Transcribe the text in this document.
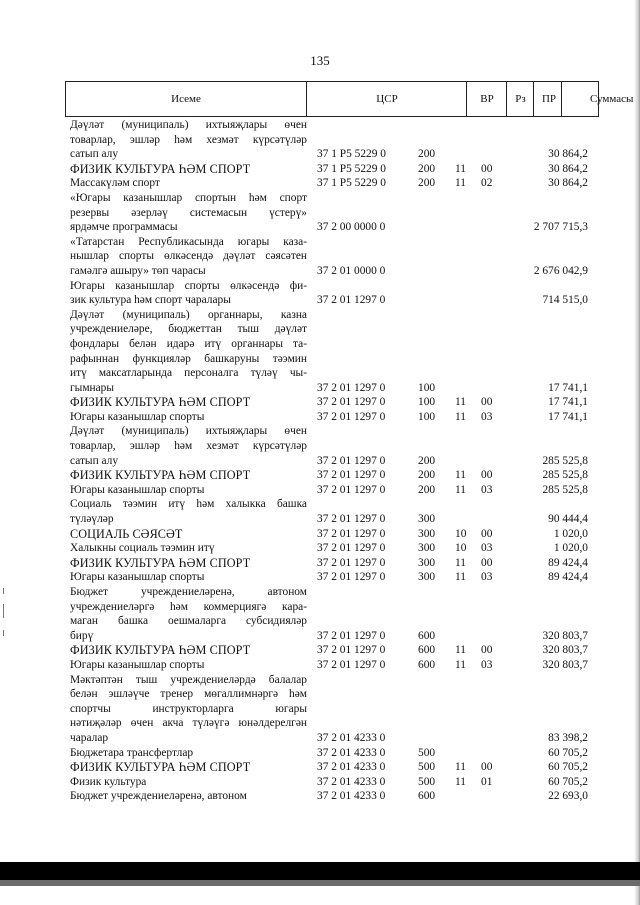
135
Исеме	ЦСР	ВР	Рз	ПР	Суммасы
Дәүләт (муниципаль) ихтыяҗлары өчен
товарлар, эшләр һәм хезмәт күрсәтүләр
сатып алу	37 1 P5 5229 0	200	30 864,2
ФИЗИК КУЛЬТУРА ҺӘМ СПОРТ	37 1 P5 5229 0	200 11 00	30 864,2
Массакүләм спорт	37 1 P5 5229 0	200 11 02	30 864,2
«Югары казанышлар спортын һәм спорт
резервы әзерләү системасын үстерү»
ярдәмче программасы	37 2 00 0000 0	2 707 715,3
«Татарстан Республикасында югары каза-
нышлар спорты өлкәсендә дәүләт сәясәтен
гамәлгә ашыру» төп чарасы	37 2 01 0000 0	2 676 042,9
Югары казанышлар спорты өлкәсендә фи-
зик культура һәм спорт чаралары	37 2 01 1297 0	714 515,0
Дәүләт (муниципаль) органнары, казна
учреждениеләре, бюджеттан тыш дәүләт
фондлары белән идарә итү органнары та-
рафыннан функцияләр башкаруны тәэмин
итү максатларында персоналга түләү чы-
гымнары	37 2 01 1297 0	100	17 741,1
ФИЗИК КУЛЬТУРА ҺӘМ СПОРТ	37 2 01 1297 0	100 11 00	17 741,1
Югары казанышлар спорты	37 2 01 1297 0	100 11 03	17 741,1
Дәүләт (муниципаль) ихтыяҗлары өчен
товарлар, эшләр һәм хезмәт күрсәтүләр
сатып алу	37 2 01 1297 0	200	285 525,8
ФИЗИК КУЛЬТУРА ҺӘМ СПОРТ	37 2 01 1297 0	200 11 00	285 525,8
Югары казанышлар спорты	37 2 01 1297 0	200 11 03	285 525,8
Социаль тәэмин итү һәм халыкка башка
түләүләр	37 2 01 1297 0	300	90 444,4
СОЦИАЛЬ СӘЯСӘТ	37 2 01 1297 0	300 10 00	1 020,0
Халыкны социаль тәэмин итү	37 2 01 1297 0	300 10 03	1 020,0
ФИЗИК КУЛЬТУРА ҺӘМ СПОРТ	37 2 01 1297 0	300 11 00	89 424,4
Югары казанышлар спорты	37 2 01 1297 0	300 11 03	89 424,4
Бюджет учреждениеләренә, автоном
учреждениеләргә һәм коммерциягә кара-
маган башка оешмаларга субсидияләр
бирү	37 2 01 1297 0	600	320 803,7
ФИЗИК КУЛЬТУРА ҺӘМ СПОРТ	37 2 01 1297 0	600 11 00	320 803,7
Югары казанышлар спорты	37 2 01 1297 0	600 11 03	320 803,7
Мәктәптән тыш учреждениеләрдә балалар
белән эшләүче тренер мөгаллимнәргә һәм
спортчы инструкторларга югары
нәтиҗәләр өчен акча түләүгә юнәлдерелгән
чаралар	37 2 01 4233 0	83 398,2
Бюджетара трансфертлар	37 2 01 4233 0	500	60 705,2
ФИЗИК КУЛЬТУРА ҺӘМ СПОРТ	37 2 01 4233 0	500 11 00	60 705,2
Физик культура	37 2 01 4233 0	500 11 01	60 705,2
Бюджет учреждениеләренә, автоном	37 2 01 4233 0	600	22 693,0
